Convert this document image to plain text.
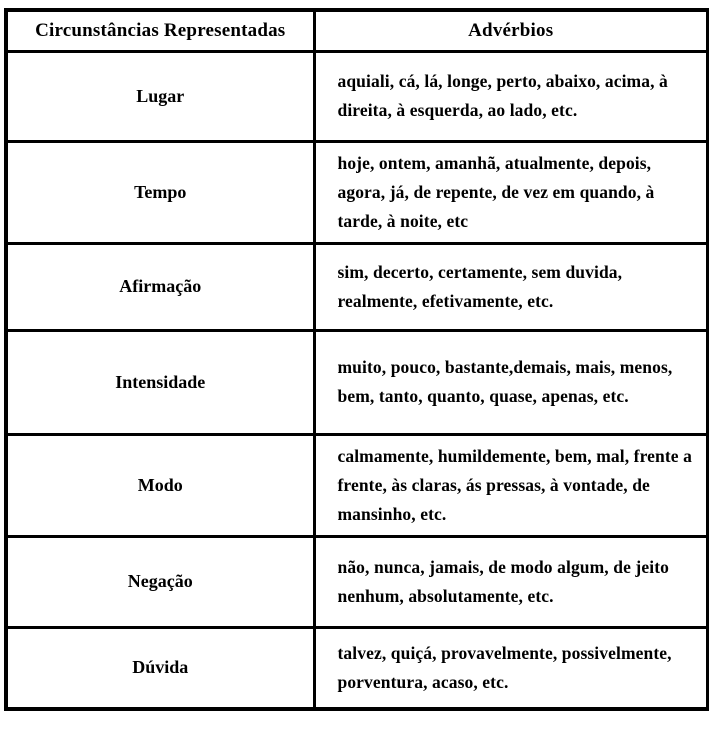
Circunstâncias Representadas	Advérbios
Lugar	aquiali, cá, lá, longe, perto, abaixo, acima, à direita, à esquerda, ao lado, etc.
Tempo	hoje, ontem, amanhã, atualmente, depois, agora, já, de repente, de vez em quando, à tarde, à noite, etc
Afirmação	sim, decerto, certamente, sem duvida, realmente, efetivamente, etc.
Intensidade	muito, pouco, bastante,demais, mais, menos, bem, tanto, quanto, quase, apenas, etc.
Modo	calmamente, humildemente, bem, mal, frente a frente, às claras, ás pressas, à vontade, de mansinho, etc.
Negação	não, nunca, jamais, de modo algum, de jeito nenhum, absolutamente, etc.
Dúvida	talvez, quiçá, provavelmente, possivelmente, porventura, acaso, etc.
